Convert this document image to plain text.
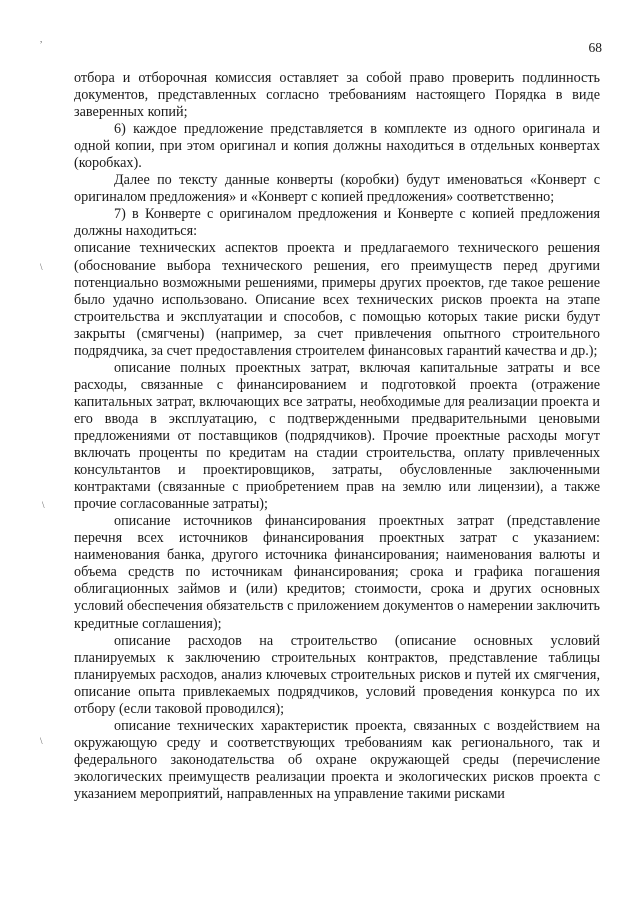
68
,
\
\
\

отбора и отборочная комиссия оставляет за собой право проверить подлинность документов, представленных согласно требованиям настоящего Порядка в виде заверенных копий;

6) каждое предложение представляется в комплекте из одного оригинала и одной копии, при этом оригинал и копия должны находиться в отдельных конвертах (коробках).

Далее по тексту данные конверты (коробки) будут именоваться «Конверт с оригиналом предложения» и «Конверт с копией предложения» соответственно;

7) в Конверте с оригиналом предложения и Конверте с копией предложения должны находиться:

описание технических аспектов проекта и предлагаемого технического решения (обоснование выбора технического решения, его преимуществ перед другими потенциально возможными решениями, примеры других проектов, где такое решение было удачно использовано. Описание всех технических рисков проекта на этапе строительства и эксплуатации и способов, с помощью которых такие риски будут закрыты (смягчены) (например, за счет привлечения опытного строительного подрядчика, за счет предоставления строителем финансовых гарантий качества и др.);

описание полных проектных затрат, включая капитальные затраты и все расходы, связанные с финансированием и подготовкой проекта (отражение капитальных затрат, включающих все затраты, необходимые для реализации проекта и его ввода в эксплуатацию, с подтвержденными предварительными ценовыми предложениями от поставщиков (подрядчиков). Прочие проектные расходы могут включать проценты по кредитам на стадии строительства, оплату привлеченных консультантов и проектировщиков, затраты, обусловленные заключенными контрактами (связанные с приобретением прав на землю или лицензии), а также прочие согласованные затраты);

описание источников финансирования проектных затрат (представление перечня всех источников финансирования проектных затрат с указанием: наименования банка, другого источника финансирования; наименования валюты и объема средств по источникам финансирования; срока и графика погашения облигационных займов и (или) кредитов; стоимости, срока и других основных условий обеспечения обязательств с приложением документов о намерении заключить кредитные соглашения);

описание расходов на строительство (описание основных условий планируемых к заключению строительных контрактов, представление таблицы планируемых расходов, анализ ключевых строительных рисков и путей их смягчения, описание опыта привлекаемых подрядчиков, условий проведения конкурса по их отбору (если таковой проводился);

описание технических характеристик проекта, связанных с воздействием на окружающую среду и соответствующих требованиям как регионального, так и федерального законодательства об охране окружающей среды (перечисление экологических преимуществ реализации проекта и экологических рисков проекта с указанием мероприятий, направленных на управление такими рисками
